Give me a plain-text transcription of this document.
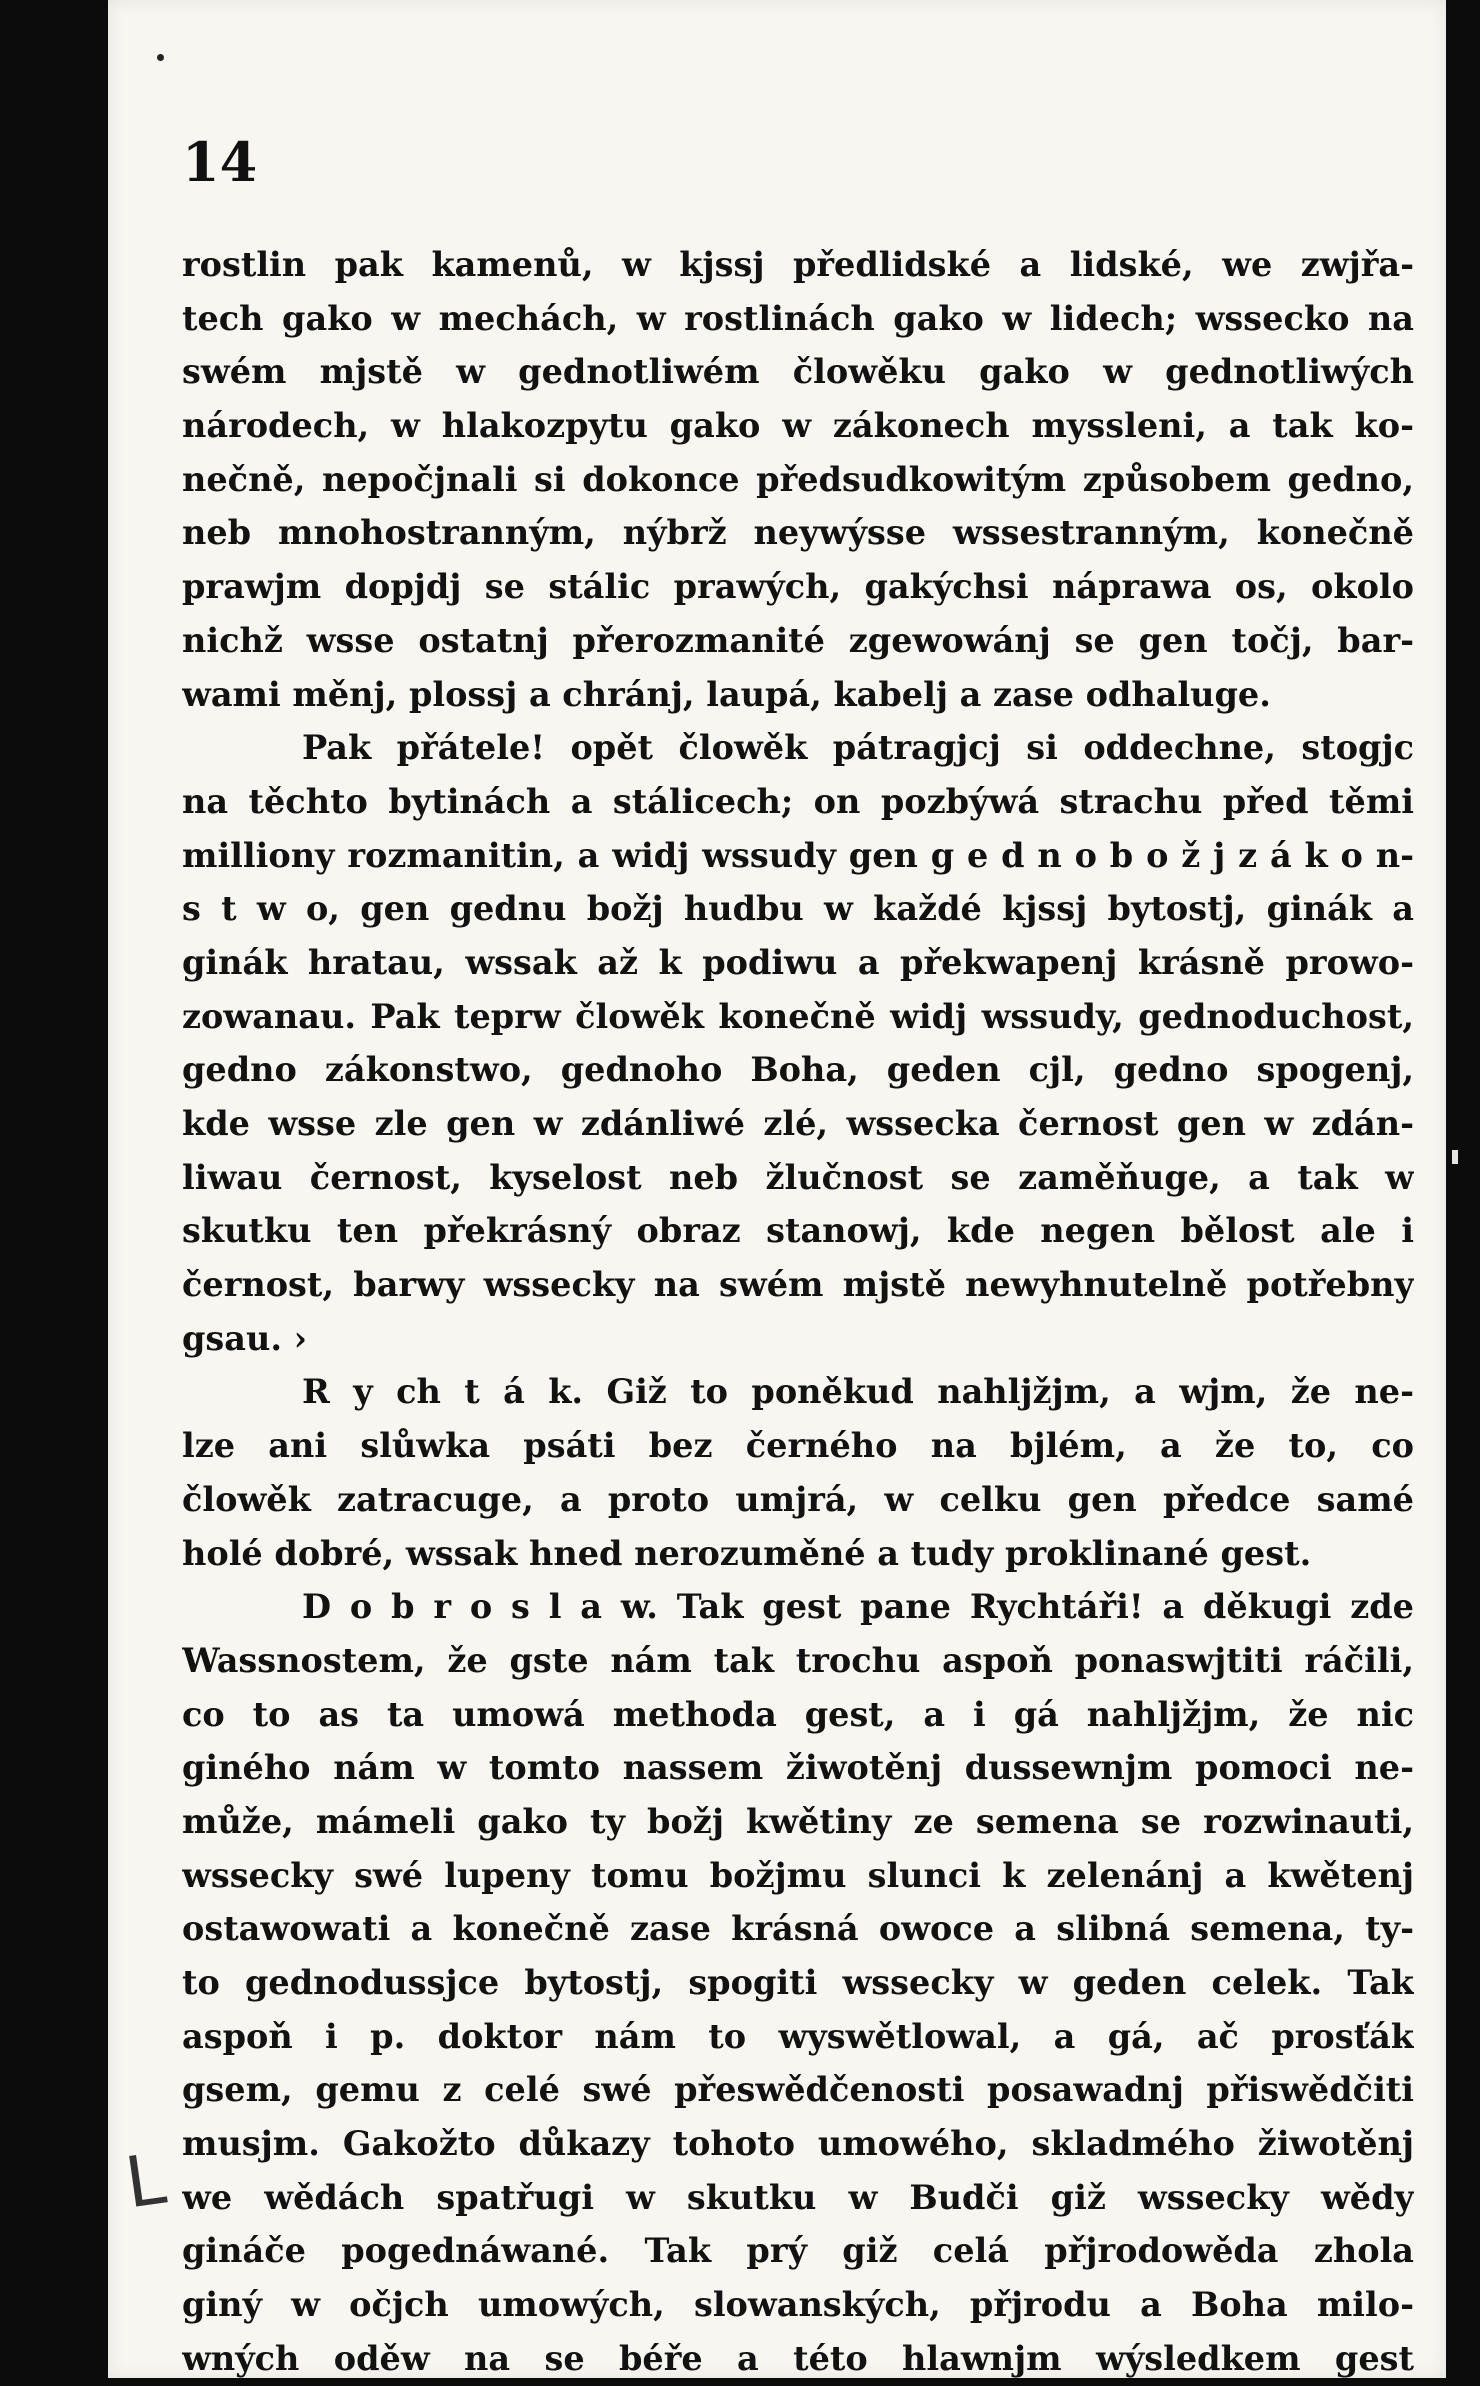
14
rostlin pak kamenů, w kjssj předlidské a lidské, we zwjřa-
tech gako w mechách, w rostlinách gako w lidech; wssecko na
swém mjstě w gednotliwém člowěku gako w gednotliwých
národech, w hlakozpytu gako w zákonech myssleni, a tak ko-
nečně, nepočjnali si dokonce předsudkowitým způsobem gedno,
neb mnohostranným, nýbrž neywýsse wssestranným, konečně
prawjm dopjdj se stálic prawých, gakýchsi náprawa os, okolo
nichž wsse ostatnj přerozmanité zgewowánj se gen točj, bar-
wami měnj, plossj a chránj, laupá, kabelj a zase odhaluge.
Pak přátele! opět člowěk pátragjcj si oddechne, stogjc
na těchto bytinách a stálicech; on pozbýwá strachu před těmi
milliony rozmanitin, a widj wssudy gen g e d n o b o ž j z á k o n-
s t w o, gen gednu božj hudbu w každé kjssj bytostj, ginák a
ginák hratau, wssak až k podiwu a překwapenj krásně prowo-
zowanau. Pak teprw člowěk konečně widj wssudy, gednoduchost,
gedno zákonstwo, gednoho Boha, geden cjl, gedno spogenj,
kde wsse zle gen w zdánliwé zlé, wssecka černost gen w zdán-
liwau černost, kyselost neb žlučnost se zaměňuge, a tak w
skutku ten překrásný obraz stanowj, kde negen bělost ale i
černost, barwy wssecky na swém mjstě newyhnutelně potřebny
gsau. ›
R y ch t á k. Giž to poněkud nahljžjm, a wjm, že ne-
lze ani slůwka psáti bez černého na bjlém, a že to, co
člowěk zatracuge, a proto umjrá, w celku gen předce samé
holé dobré, wssak hned nerozuměné a tudy proklinané gest.
D o b r o s l a w. Tak gest pane Rychtáři! a děkugi zde
Wassnostem, že gste nám tak trochu aspoň ponaswjtiti ráčili,
co to as ta umowá methoda gest, a i gá nahljžjm, že nic
giného nám w tomto nassem žiwotěnj dussewnjm pomoci ne-
může, mámeli gako ty božj kwětiny ze semena se rozwinauti,
wssecky swé lupeny tomu božjmu slunci k zelenánj a kwětenj
ostawowati a konečně zase krásná owoce a slibná semena, ty-
to gednodussjce bytostj, spogiti wssecky w geden celek. Tak
aspoň i p. doktor nám to wyswětlowal, a gá, ač prosťák
gsem, gemu z celé swé přeswědčenosti posawadnj přiswědčiti
musjm. Gakožto důkazy tohoto umowého, skladmého žiwotěnj
we wědách spatřugi w skutku w Budči giž wssecky wědy
gináče pogednáwané. Tak prý giž celá přjrodowěda zhola
giný w očjch umowých, slowanských, přjrodu a Boha milo-
wných oděw na se béře a této hlawnjm wýsledkem gest
L
